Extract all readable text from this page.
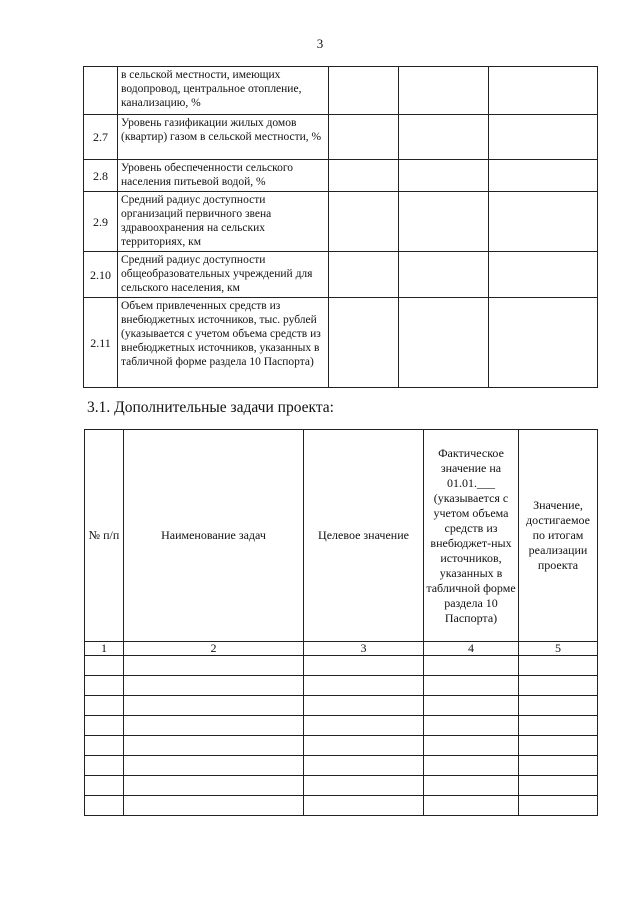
3
	в сельской местности, имеющих водопровод, центральное отопление, канализацию, %			
2.7	Уровень газификации жилых домов (квартир) газом в сельской местности, %			
2.8	Уровень обеспеченности сельского населения питьевой водой, %			
2.9	Средний радиус доступности организаций первичного звена здравоохранения на сельских территориях, км			
2.10	Средний радиус доступности общеобразовательных учреждений для сельского населения, км			
2.11	Объем привлеченных средств из внебюджетных источников, тыс. рублей (указывается с учетом объема средств из внебюджетных источников, указанных в табличной форме раздела 10 Паспорта)			
3.1. Дополнительные задачи проекта:
№ п/п	Наименование задач	Целевое значение	Фактическое значение на 01.01.___ (указывается с учетом объема средств из внебюджет-ных источников, указанных в табличной форме раздела 10 Паспорта)	Значение, достигаемое по итогам реализации проекта
1	2	3	4	5
